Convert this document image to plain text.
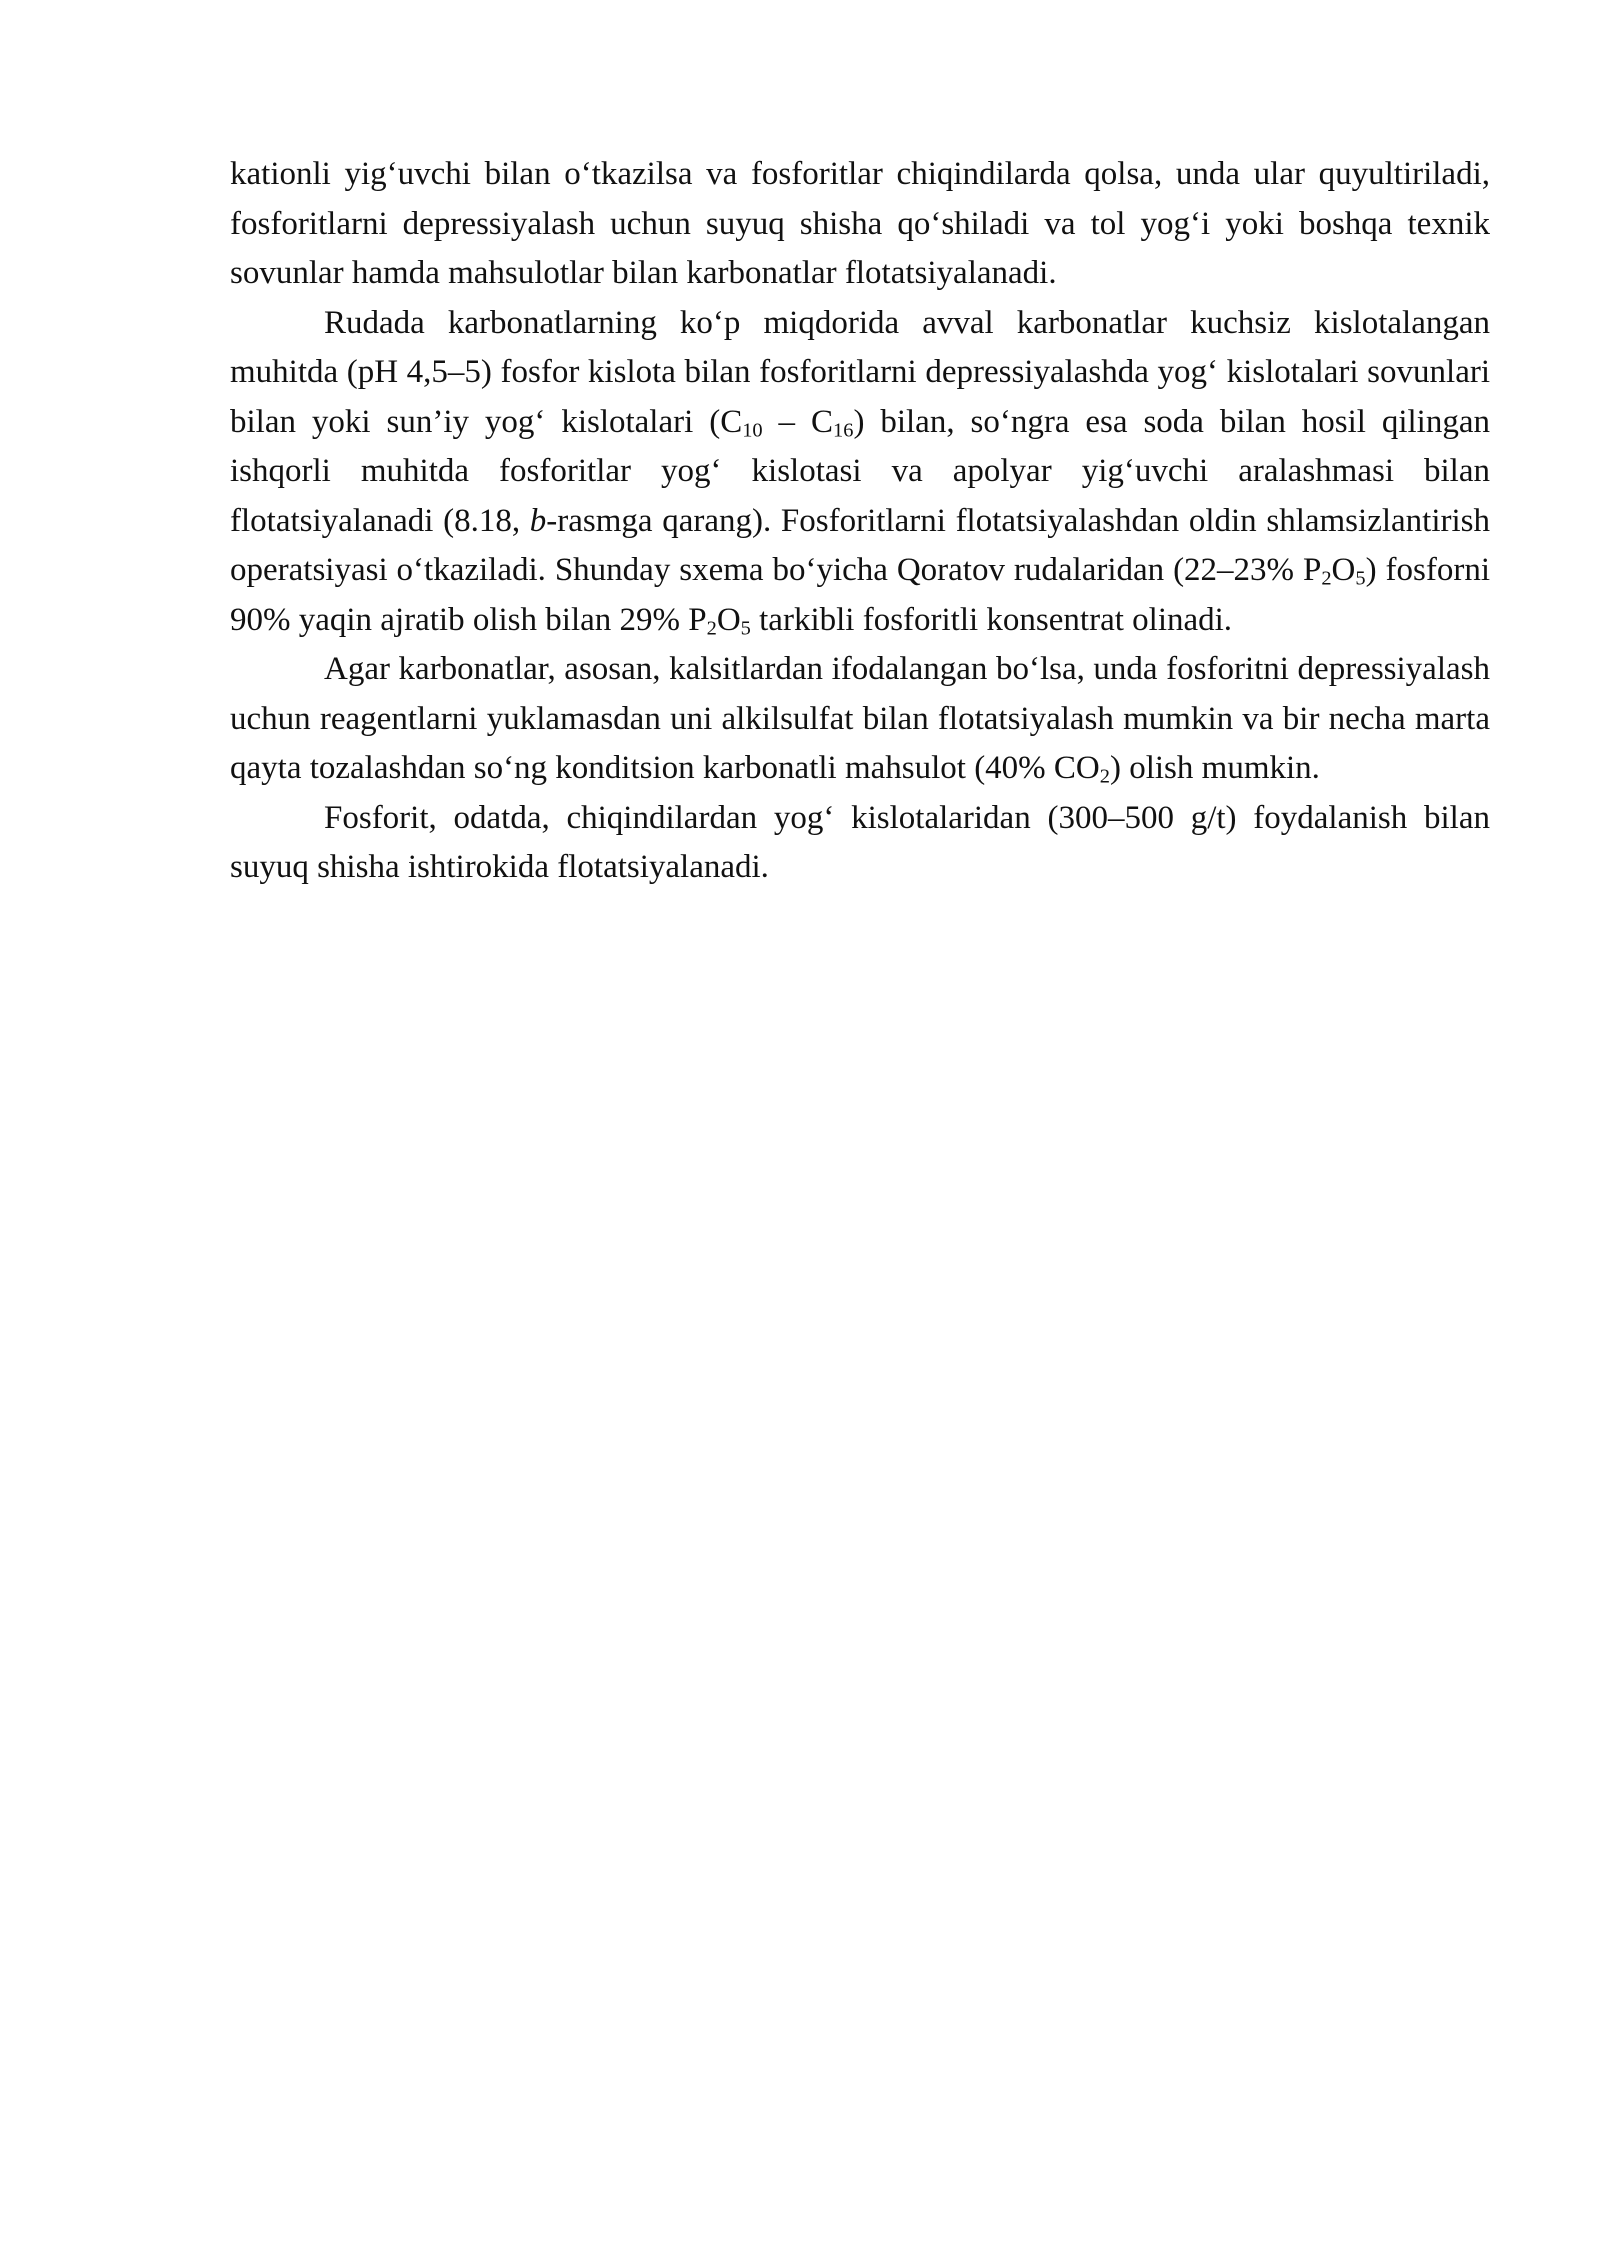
kationli yig‘uvchi bilan o‘tkazilsa va fosforitlar chiqindilarda qolsa, unda ular quyultiriladi, fosforitlarni depressiyalash uchun suyuq shisha qo‘shiladi va tol yog‘i yoki boshqa texnik sovunlar hamda mahsulotlar bilan karbonatlar flotatsiyalanadi.

Rudada karbonatlarning ko‘p miqdorida avval karbonatlar kuchsiz kislotalangan muhitda (pH 4,5–5) fosfor kislota bilan fosforitlarni depressiyalashda yog‘ kislotalari sovunlari bilan yoki sun’iy yog‘ kislotalari $(C_{10} - C_{16})$ bilan, so‘ngra esa soda bilan hosil qilingan ishqorli muhitda fosforitlar yog‘ kislotasi va apolyar yig‘uvchi aralashmasi bilan flotatsiyalanadi (8.18, b-rasmga qarang). Fosforitlarni flotatsiyalashdan oldin shlamsizlantirish operatsiyasi o‘tkaziladi. Shunday sxema bo‘yicha Qoratov rudalaridan (22–23% $P_2O_5$) fosforni 90% yaqin ajratib olish bilan 29% $P_2O_5$ tarkibli fosforitli konsentrat olinadi.

Agar karbonatlar, asosan, kalsitlardan ifodalangan bo‘lsa, unda fosforitni depressiyalash uchun reagentlarni yuklamasdan uni alkilsulfat bilan flotatsiyalash mumkin va bir necha marta qayta tozalashdan so‘ng konditsion karbonatli mahsulot (40% $CO_2$) olish mumkin.

Fosforit, odatda, chiqindilardan yog‘ kislotalaridan (300–500 g/t) foydalanish bilan suyuq shisha ishtirokida flotatsiyalanadi.
